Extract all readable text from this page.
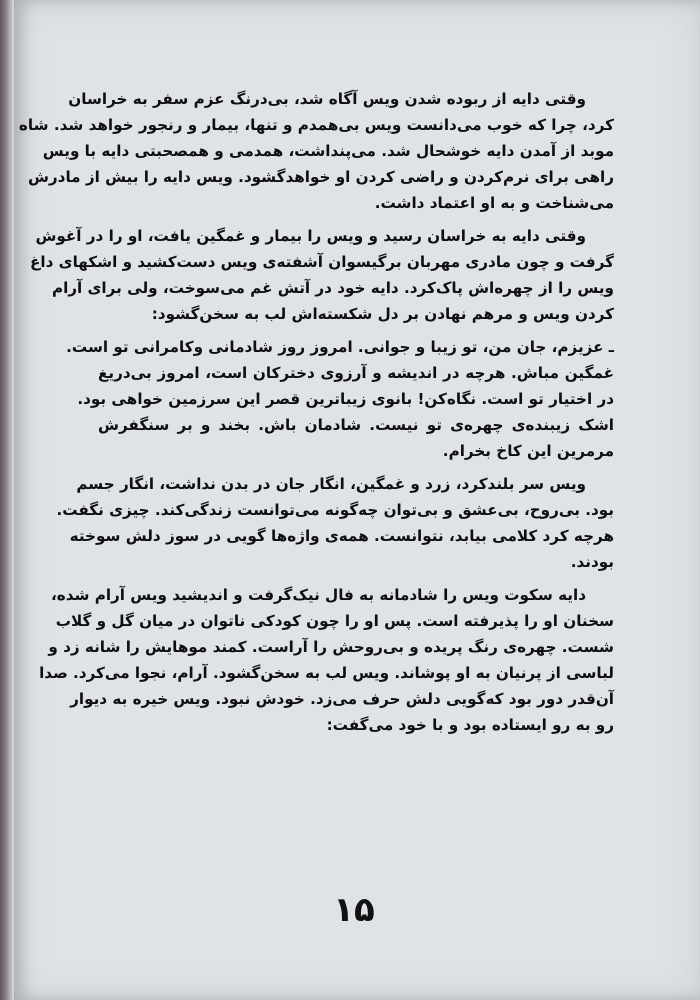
وقتی دایه از ربوده شدن ویس آگاه شد، بی‌درنگ عزم سفر به خراسان
کرد، چرا که خوب می‌دانست ویس بی‌همدم و تنها، بیمار و رنجور خواهد شد. شاه
موبد از آمدن دایه خوشحال شد. می‌پنداشت، همدمی و همصحبتی دایه با ویس
راهی برای نرم‌کردن و راضی کردن او خواهدگشود. ویس دایه را بیش از مادرش
می‌شناخت و به او اعتماد داشت.
وقتی دایه به خراسان رسید و ویس را بیمار و غمگین یافت، او را در آغوش
گرفت و چون مادری مهربان برگیسوان آشفته‌ی ویس دست‌کشید و اشکهای داغ
ویس را از چهره‌اش پاک‌کرد. دایه خود در آتش غم می‌سوخت، ولی برای آرام
کردن ویس و مرهم نهادن بر دل شکسته‌اش لب به سخن‌گشود:
ـ عزیزم، جان من، تو زیبا و جوانی. امروز روز شادمانی وکامرانی تو است.
غمگین مباش. هرچه در اندیشه و آرزوی دخترکان است، امروز بی‌دریغ
در اختیار تو است. نگاه‌کن! بانوی زیباترین قصر این سرزمین خواهی بود.
اشک زیبنده‌ی چهره‌ی تو نیست. شادمان باش. بخند و بر سنگفرش
مرمرین این کاخ بخرام.
ویس سر بلند‌کرد، زرد و غمگین، انگار جان در بدن نداشت، انگار جسم
بود. بی‌روح، بی‌عشق و بی‌توان چه‌گونه می‌توانست زندگی‌کند. چیزی نگفت.
هرچه کرد کلامی بیابد، نتوانست. همه‌ی واژه‌ها گویی در سوز دلش سوخته
بودند.
دایه سکوت ویس را شادمانه به فال نیک‌گرفت و اندیشید ویس آرام شده،
سخنان او را پذیرفته است. پس او را چون کودکی ناتوان در میان گل و گلاب
شست. چهره‌ی رنگ پریده و بی‌روحش را آراست. کمند موهایش را شانه زد و
لباسی از پرنیان به او پوشاند. ویس لب به سخن‌گشود. آرام، نجوا می‌کرد. صدا
آن‌قدر دور بود که‌گویی دلش حرف می‌زد. خودش نبود. ویس خیره به دیوار
رو به رو ایستاده بود و با خود می‌گفت:
۱۵
